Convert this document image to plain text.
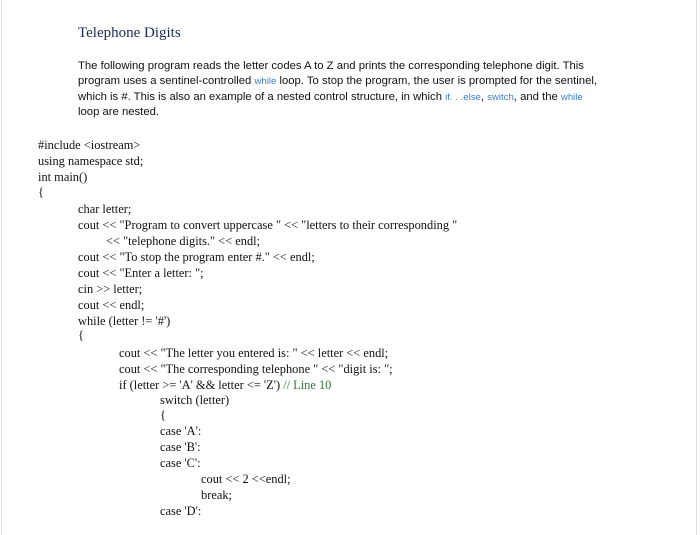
Telephone Digits
The following program reads the letter codes A to Z and prints the corresponding telephone digit. This
program uses a sentinel-controlled while loop. To stop the program, the user is prompted for the sentinel,
which is #. This is also an example of a nested control structure, in which if. . .else, switch, and the while
loop are nested.
#include <iostream>
using namespace std;
int main()
{
char letter;
cout << "Program to convert uppercase " << "letters to their corresponding "
<< "telephone digits." << endl;
cout << "To stop the program enter #." << endl;
cout << "Enter a letter: ";
cin >> letter;
cout << endl;
while (letter != '#')
{
cout << "The letter you entered is: " << letter << endl;
cout << "The corresponding telephone " << "digit is: ";
if (letter >= 'A' && letter <= 'Z') // Line 10
switch (letter)
{
case 'A':
case 'B':
case 'C':
cout << 2 <<endl;
break;
case 'D':
